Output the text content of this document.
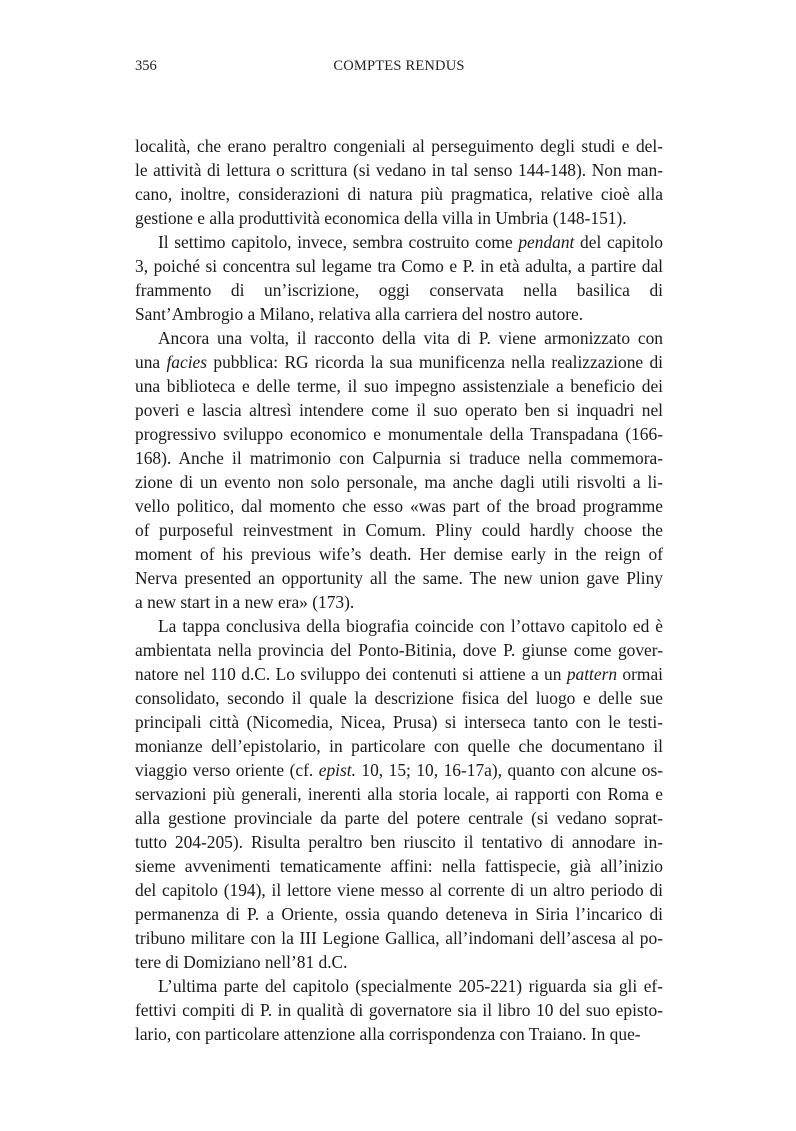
356	COMPTES RENDUS
località, che erano peraltro congeniali al perseguimento degli studi e del-
le attività di lettura o scrittura (si vedano in tal senso 144-148). Non man-
cano, inoltre, considerazioni di natura più pragmatica, relative cioè alla
gestione e alla produttività economica della villa in Umbria (148-151).
Il settimo capitolo, invece, sembra costruito come pendant del capitolo
3, poiché si concentra sul legame tra Como e P. in età adulta, a partire dal
frammento di un’iscrizione, oggi conservata nella basilica di
Sant’Ambrogio a Milano, relativa alla carriera del nostro autore.
Ancora una volta, il racconto della vita di P. viene armonizzato con
una facies pubblica: RG ricorda la sua munificenza nella realizzazione di
una biblioteca e delle terme, il suo impegno assistenziale a beneficio dei
poveri e lascia altresì intendere come il suo operato ben si inquadri nel
progressivo sviluppo economico e monumentale della Transpadana (166-
168). Anche il matrimonio con Calpurnia si traduce nella commemora-
zione di un evento non solo personale, ma anche dagli utili risvolti a li-
vello politico, dal momento che esso «was part of the broad programme
of purposeful reinvestment in Comum. Pliny could hardly choose the
moment of his previous wife’s death. Her demise early in the reign of
Nerva presented an opportunity all the same. The new union gave Pliny
a new start in a new era» (173).
La tappa conclusiva della biografia coincide con l’ottavo capitolo ed è
ambientata nella provincia del Ponto-Bitinia, dove P. giunse come gover-
natore nel 110 d.C. Lo sviluppo dei contenuti si attiene a un pattern ormai
consolidato, secondo il quale la descrizione fisica del luogo e delle sue
principali città (Nicomedia, Nicea, Prusa) si interseca tanto con le testi-
monianze dell’epistolario, in particolare con quelle che documentano il
viaggio verso oriente (cf. epist. 10, 15; 10, 16-17a), quanto con alcune os-
servazioni più generali, inerenti alla storia locale, ai rapporti con Roma e
alla gestione provinciale da parte del potere centrale (si vedano soprat-
tutto 204-205). Risulta peraltro ben riuscito il tentativo di annodare in-
sieme avvenimenti tematicamente affini: nella fattispecie, già all’inizio
del capitolo (194), il lettore viene messo al corrente di un altro periodo di
permanenza di P. a Oriente, ossia quando deteneva in Siria l’incarico di
tribuno militare con la III Legione Gallica, all’indomani dell’ascesa al po-
tere di Domiziano nell’81 d.C.
L’ultima parte del capitolo (specialmente 205-221) riguarda sia gli ef-
fettivi compiti di P. in qualità di governatore sia il libro 10 del suo episto-
lario, con particolare attenzione alla corrispondenza con Traiano. In que-
